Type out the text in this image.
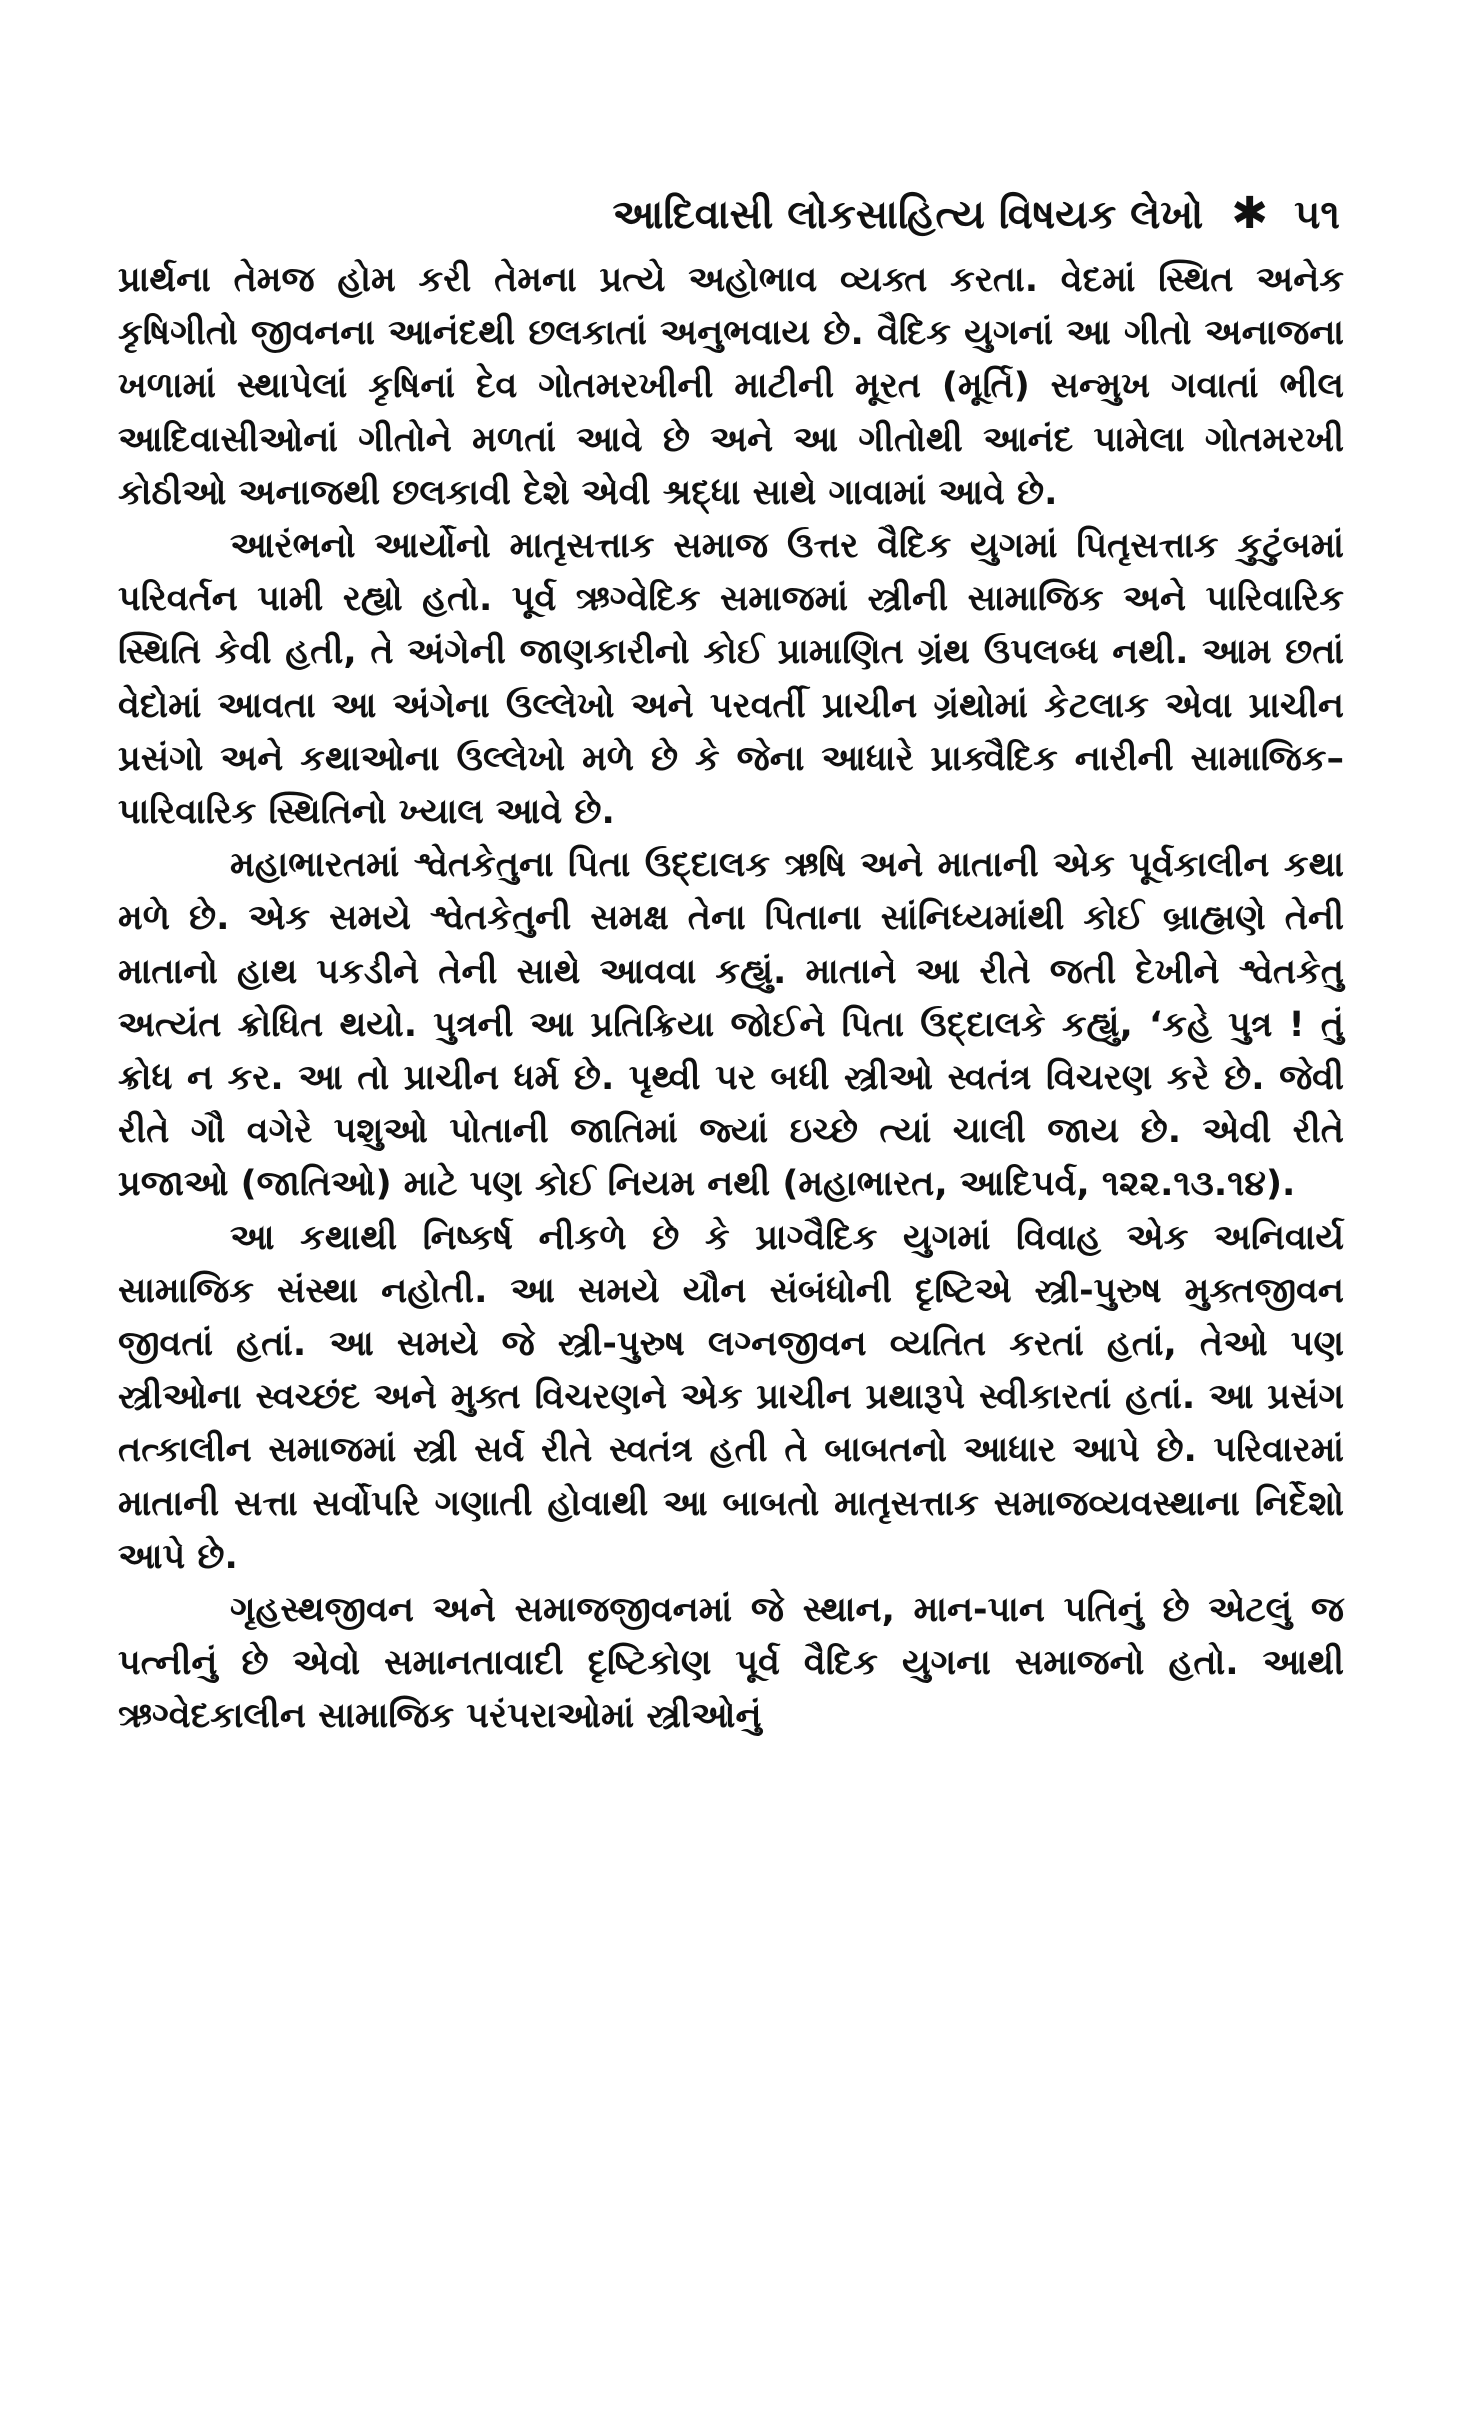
આદિવાસી લોકસાહિત્ય વિષયક લેખો ✱ ૫૧

પ્રાર્થના તેમજ હોમ કરી તેમના પ્રત્યે અહોભાવ વ્યક્ત કરતા. વેદમાં સ્થિત અનેક કૃષિગીતો જીવનના આનંદથી છલકાતાં અનુભવાય છે. વૈદિક યુગનાં આ ગીતો અનાજના ખળામાં સ્થાપેલાં કૃષિનાં દેવ ગોતમરખીની માટીની મૂરત (મૂર્તિ) સન્મુખ ગવાતાં ભીલ આદિવાસીઓનાં ગીતોને મળતાં આવે છે અને આ ગીતોથી આનંદ પામેલા ગોતમરખી કોઠીઓ અનાજથી છલકાવી દેશે એવી શ્રદ્ધા સાથે ગાવામાં આવે છે.

આરંભનો આર્યોનો માતૃસત્તાક સમાજ ઉત્તર વૈદિક યુગમાં પિતૃસત્તાક કુટુંબમાં પરિવર્તન પામી રહ્યો હતો. પૂર્વ ઋગ્વેદિક સમાજમાં સ્ત્રીની સામાજિક અને પારિવારિક સ્થિતિ કેવી હતી, તે અંગેની જાણકારીનો કોઈ પ્રામાણિત ગ્રંથ ઉપલબ્ધ નથી. આમ છતાં વેદોમાં આવતા આ અંગેના ઉલ્લેખો અને પરવર્તી પ્રાચીન ગ્રંથોમાં કેટલાક એવા પ્રાચીન પ્રસંગો અને કથાઓના ઉલ્લેખો મળે છે કે જેના આધારે પ્રાક્વૈદિક નારીની સામાજિક–પારિવારિક સ્થિતિનો ખ્યાલ આવે છે.

મહાભારતમાં શ્વેતકેતુના પિતા ઉદ્દાલક ઋષિ અને માતાની એક પૂર્વકાલીન કથા મળે છે. એક સમયે શ્વેતકેતુની સમક્ષ તેના પિતાના સાંનિધ્યમાંથી કોઈ બ્રાહ્મણે તેની માતાનો હાથ પકડીને તેની સાથે આવવા કહ્યું. માતાને આ રીતે જતી દેખીને શ્વેતકેતુ અત્યંત ક્રોધિત થયો. પુત્રની આ પ્રતિક્રિયા જોઈને પિતા ઉદ્દાલકે કહ્યું, ‘કહે પુત્ર ! તું ક્રોધ ન કર. આ તો પ્રાચીન ધર્મ છે. પૃથ્વી પર બધી સ્ત્રીઓ સ્વતંત્ર વિચરણ કરે છે. જેવી રીતે ગૌ વગેરે પશુઓ પોતાની જાતિમાં જ્યાં ઇચ્છે ત્યાં ચાલી જાય છે. એવી રીતે પ્રજાઓ (જાતિઓ) માટે પણ કોઈ નિયમ નથી (મહાભારત, આદિપર્વ, ૧૨૨.૧૩.૧૪).

આ કથાથી નિષ્કર્ષ નીકળે છે કે પ્રાગ્વૈદિક યુગમાં વિવાહ એક અનિવાર્ય સામાજિક સંસ્થા નહોતી. આ સમયે યૌન સંબંધોની દૃષ્ટિએ સ્ત્રી-પુરુષ મુક્તજીવન જીવતાં હતાં. આ સમયે જે સ્ત્રી-પુરુષ લગ્નજીવન વ્યતિત કરતાં હતાં, તેઓ પણ સ્ત્રીઓના સ્વચ્છંદ અને મુક્ત વિચરણને એક પ્રાચીન પ્રથારૂપે સ્વીકારતાં હતાં. આ પ્રસંગ તત્કાલીન સમાજમાં સ્ત્રી સર્વ રીતે સ્વતંત્ર હતી તે બાબતનો આધાર આપે છે. પરિવારમાં માતાની સત્તા સર્વોપરિ ગણાતી હોવાથી આ બાબતો માતૃસત્તાક સમાજવ્યવસ્થાના નિર્દેશો આપે છે.

ગૃહસ્થજીવન અને સમાજજીવનમાં જે સ્થાન, માન-પાન પતિનું છે એટલું જ પત્નીનું છે એવો સમાનતાવાદી દૃષ્ટિકોણ પૂર્વ વૈદિક યુગના સમાજનો હતો. આથી ઋગ્વેદકાલીન સામાજિક પરંપરાઓમાં સ્ત્રીઓનું
